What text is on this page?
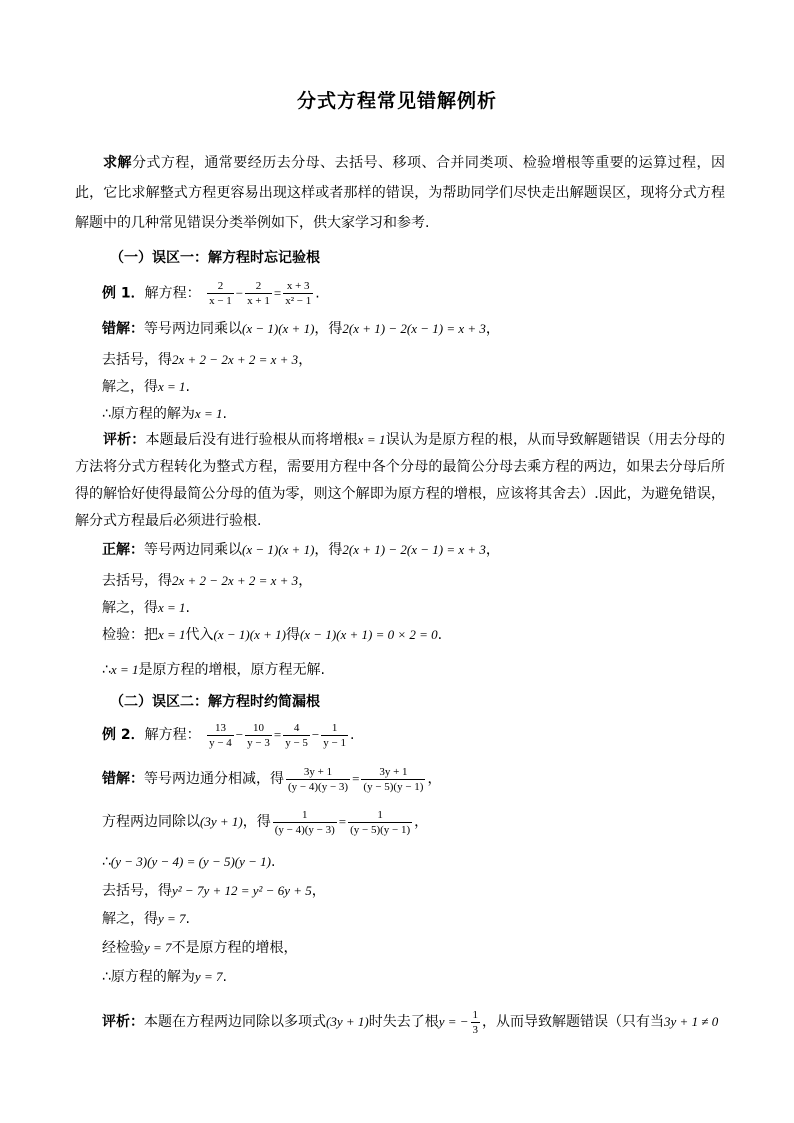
分式方程常见错解例析
求解分式方程，通常要经历去分母、去括号、移项、合并同类项、检验增根等重要的运算过程，因此，它比求解整式方程更容易出现这样或者那样的错误，为帮助同学们尽快走出解题误区，现将分式方程解题中的几种常见错误分类举例如下，供大家学习和参考.
（一）误区一：解方程时忘记验根
例 1．解方程： $\frac{2}{x - 1} - \frac{2}{x + 1} = \frac{x + 3}{\text{x² − 1}}$ .
错解：等号两边同乘以(x − 1)(x + 1)，得2(x + 1) − 2(x − 1) = x + 3，
去括号，得2x + 2 − 2x + 2 = x + 3，
解之，得x = 1.
∴原方程的解为x = 1.
评析：本题最后没有进行验根从而将增根x = 1误认为是原方程的根，从而导致解题错误（用去分母的方法将分式方程转化为整式方程，需要用方程中各个分母的最简公分母去乘方程的两边，如果去分母后所得的解恰好使得最简公分母的值为零，则这个解即为原方程的增根，应该将其舍去）.因此，为避免错误，解分式方程最后必须进行验根.
正解：等号两边同乘以(x − 1)(x + 1)，得2(x + 1) − 2(x − 1) = x + 3，
去括号，得2x + 2 − 2x + 2 = x + 3，
解之，得x = 1.
检验：把x = 1代入(x − 1)(x + 1)得(x − 1)(x + 1) = 0 × 2 = 0.
∴x = 1是原方程的增根，原方程无解.
（二）误区二：解方程时约简漏根
例 2．解方程： $\frac{13}{y - 4} - \frac{10}{y - 3} = \frac{4}{y - 5} - \frac{1}{y - 1}$ .
错解：等号两边通分相减，得 $\frac{3y + 1}{(y - 4)(y - 3)} = \frac{3y + 1}{(y - 5)(y - 1)}$ ，
方程两边同除以(3y + 1)，得 $\frac{1}{(y - 4)(y - 3)} = \frac{1}{(y - 5)(y - 1)}$ ，
∴(y − 3)(y − 4) = (y − 5)(y − 1).
去括号，得y² − 7y + 12 = y² − 6y + 5，
解之，得y = 7.
经检验y = 7不是原方程的增根，
∴原方程的解为y = 7.
评析：本题在方程两边同除以多项式(3y + 1)时失去了根y = − $\frac{1}{3}$ ，从而导致解题错误（只有当3y + 1 ≠ 0
